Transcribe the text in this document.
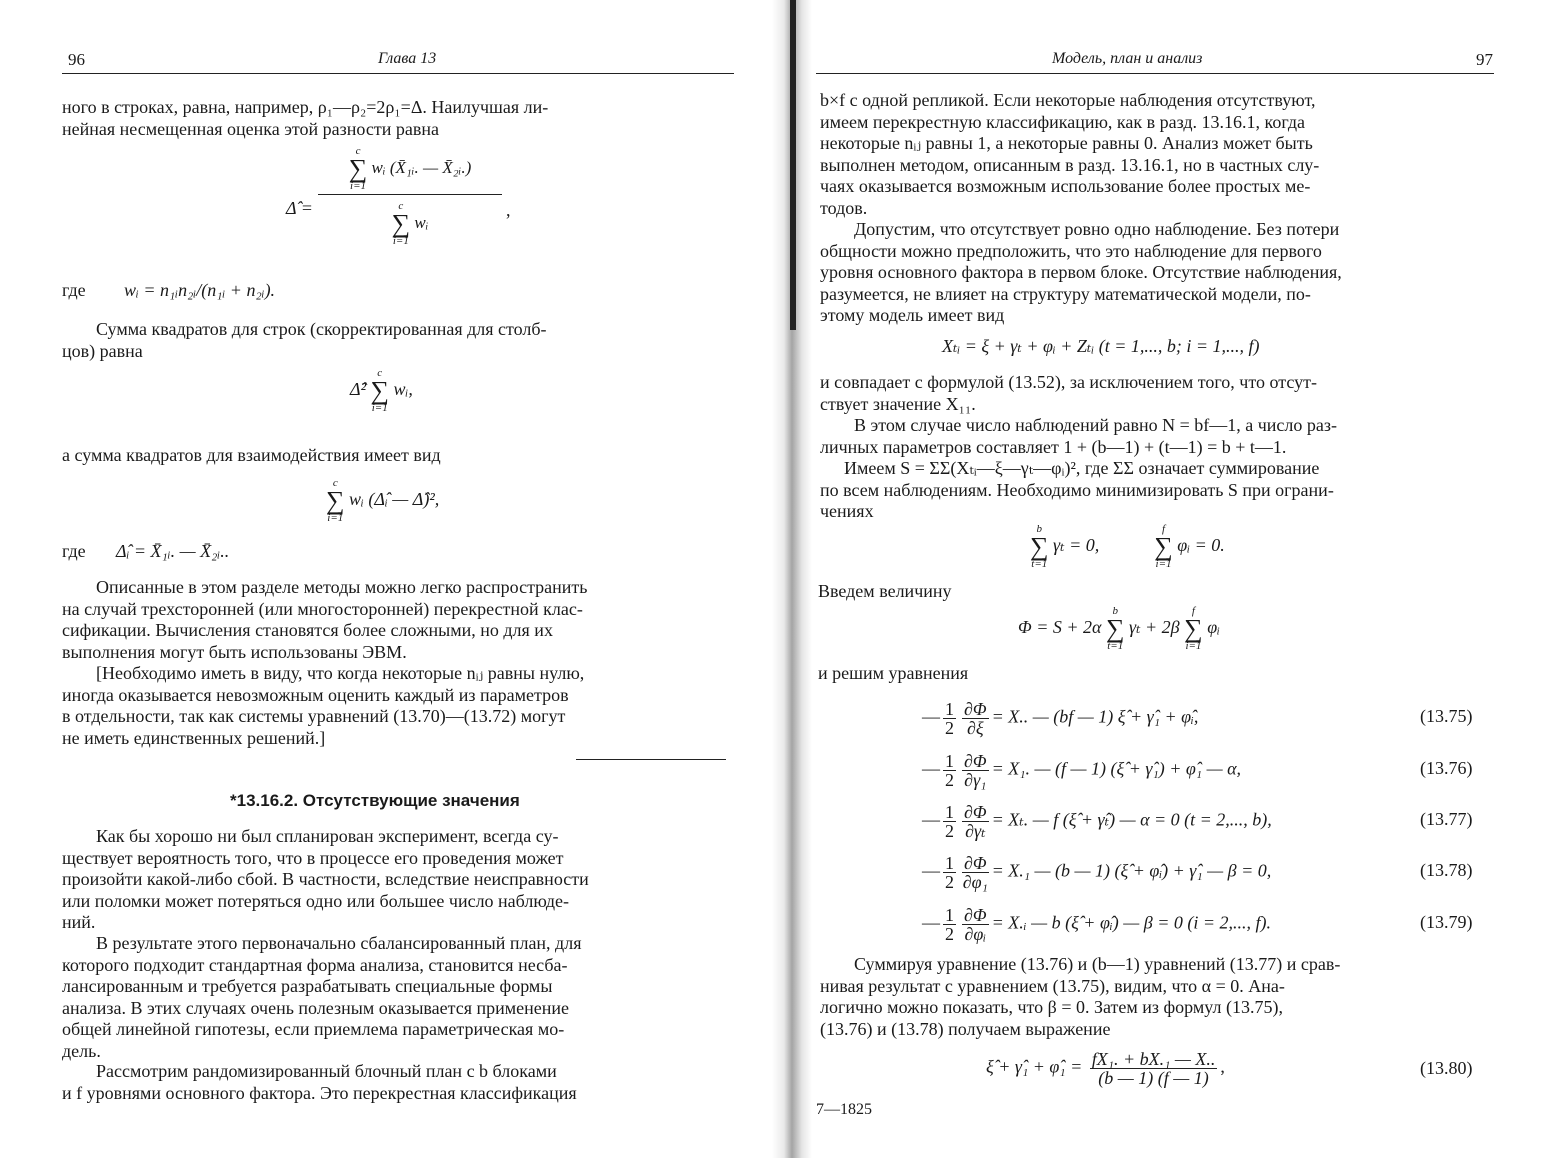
96	Глава 13
ного в строках, равна, например, ρ₁—ρ₂=2ρ₁=Δ. Наилучшая ли-
нейная несмещенная оценка этой разности равна
Δ̂ =
c
∑
i=1 wᵢ (X̄₁ᵢ. — X̄₂ᵢ.)
c
∑
i=1 wᵢ
,
где wᵢ = n₁ᵢn₂ᵢ/(n₁ᵢ + n₂ᵢ).
Сумма квадратов для строк (скорректированная для столб-
цов) равна
Δ̂² c
∑
i=1 wᵢ,
а сумма квадратов для взаимодействия имеет вид
c
∑
i=1 wᵢ (Δ̂ᵢ — Δ̂)²,
где Δ̂ᵢ = X̄₁ᵢ. — X̄₂ᵢ..
Описанные в этом разделе методы можно легко распространить
на случай трехсторонней (или многосторонней) перекрестной клас-
сификации. Вычисления становятся более сложными, но для их
выполнения могут быть использованы ЭВМ.
[Необходимо иметь в виду, что когда некоторые nᵢⱼ равны нулю,
иногда оказывается невозможным оценить каждый из параметров
в отдельности, так как системы уравнений (13.70)—(13.72) могут
не иметь единственных решений.]
*13.16.2. Отсутствующие значения
Как бы хорошо ни был спланирован эксперимент, всегда су-
ществует вероятность того, что в процессе его проведения может
произойти какой-либо сбой. В частности, вследствие неисправности
или поломки может потеряться одно или большее число наблюде-
ний.
В результате этого первоначально сбалансированный план, для
которого подходит стандартная форма анализа, становится несба-
лансированным и требуется разрабатывать специальные формы
анализа. В этих случаях очень полезным оказывается применение
общей линейной гипотезы, если приемлема параметрическая мо-
дель.
Рассмотрим рандомизированный блочный план с b блоками
и f уровнями основного фактора. Это перекрестная классификация
Модель, план и анализ	97
b×f с одной репликой. Если некоторые наблюдения отсутствуют,
имеем перекрестную классификацию, как в разд. 13.16.1, когда
некоторые nᵢⱼ равны 1, а некоторые равны 0. Анализ может быть
выполнен методом, описанным в разд. 13.16.1, но в частных слу-
чаях оказывается возможным использование более простых ме-
тодов.
Допустим, что отсутствует ровно одно наблюдение. Без потери
общности можно предположить, что это наблюдение для первого
уровня основного фактора в первом блоке. Отсутствие наблюдения,
разумеется, не влияет на структуру математической модели, по-
этому модель имеет вид
Xₜᵢ = ξ + γₜ + φᵢ + Zₜᵢ (t = 1,..., b; i = 1,..., f)
и совпадает с формулой (13.52), за исключением того, что отсут-
ствует значение X₁₁.
В этом случае число наблюдений равно N = bf—1, а число раз-
личных параметров составляет 1 + (b—1) + (t—1) = b + t—1.
Имеем S = ΣΣ(Xₜᵢ—ξ—γₜ—φᵢ)², где ΣΣ означает суммирование
по всем наблюдениям. Необходимо минимизировать S при ограни-
чениях
b
∑
t=1 γₜ = 0,  f
∑
i=1 φᵢ = 0.
Введем величину
Φ = S + 2α b
∑
t=1 γₜ + 2β f
∑
i=1 φᵢ
и решим уравнения
— $\frac{1}{2} \frac{\partial\Phi}{\partial\xi} = X$.. — (bf — 1) ξ̂ + γ̂₁ + φ̂ᵢ,	(13.75)
— $\frac{1}{2} \frac{\partial\Phi}{\text{∂γ₁}} = X_1$. — (f — 1) (ξ̂ + γ̂₁) + φ̂₁ — α,	(13.76)
— $\frac{1}{2} \frac{\partial\Phi}{\text{∂γₜ}} = X_t$. — f (ξ̂ + γ̂ₜ) — α = 0 (t = 2,..., b),	(13.77)
— $\frac{1}{2} \frac{\partial\Phi}{\text{∂φ₁}} = X._1$ — (b — 1) (ξ̂ + φ̂ᵢ) + γ̂₁ — β = 0,	(13.78)
— $\frac{1}{2} \frac{\partial\Phi}{\text{∂φᵢ}}$ = X.ᵢ — b (ξ̂ + φ̂ᵢ) — β = 0 (i = 2,..., f).	(13.79)
Суммируя уравнение (13.76) и (b—1) уравнений (13.77) и срав-
нивая результат с уравнением (13.75), видим, что α = 0. Ана-
логично можно показать, что β = 0. Затем из формул (13.75),
(13.76) и (13.78) получаем выражение
ξ̂ + γ̂₁ + φ̂₁ = $\frac{\text{fX₁. + bX.₁ — X..}}{(b — 1) (f — 1)}$ ,	(13.80)
7—1825
